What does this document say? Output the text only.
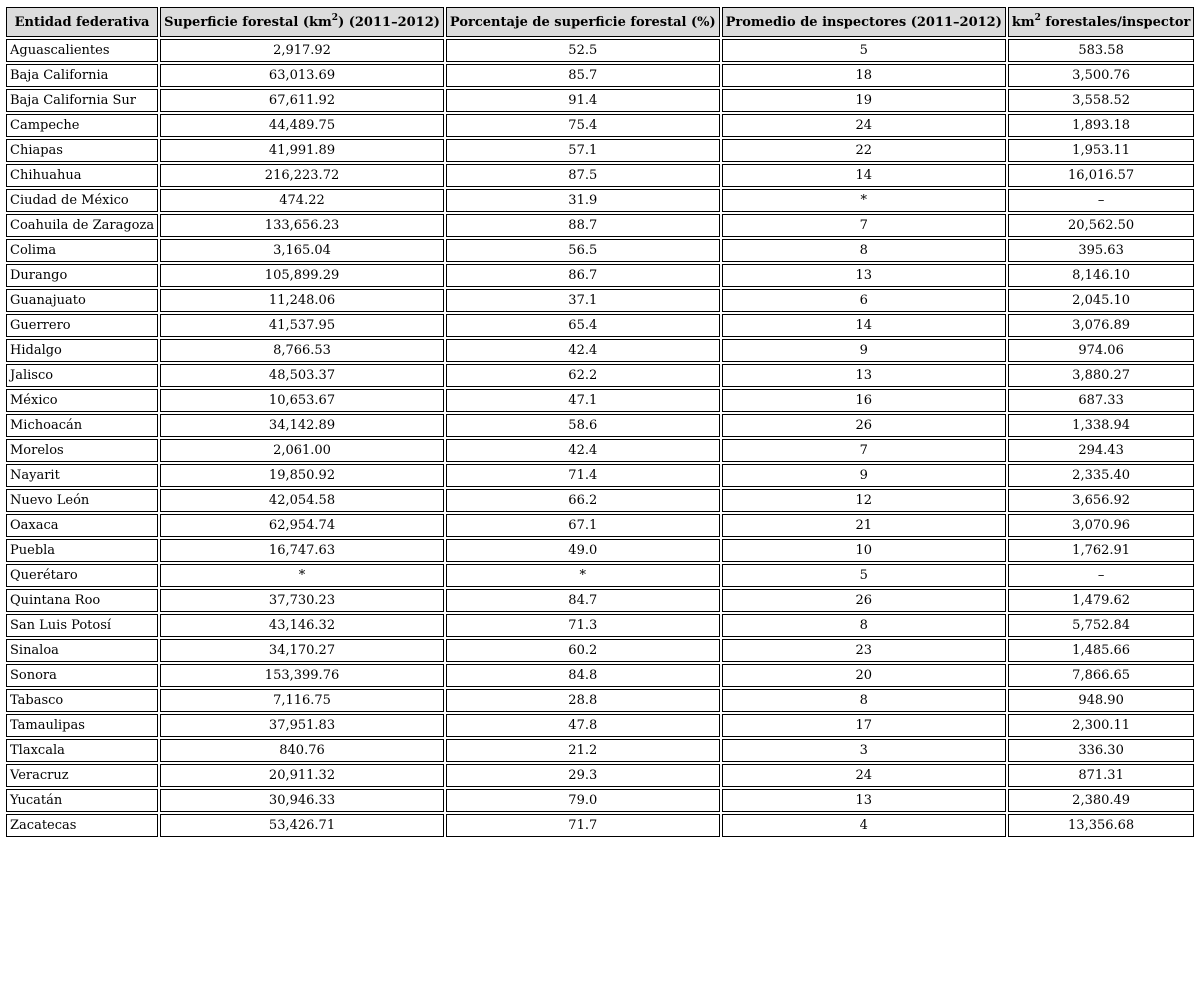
Entidad federativa	Superficie forestal $(km^2)$ (2011–2012)	Porcentaje de superficie forestal (%)	Promedio de inspectores (2011–2012)	$km^2$ forestales/inspector
Aguascalientes	2,917.92	52.5	5	583.58
Baja California	63,013.69	85.7	18	3,500.76
Baja California Sur	67,611.92	91.4	19	3,558.52
Campeche	44,489.75	75.4	24	1,893.18
Chiapas	41,991.89	57.1	22	1,953.11
Chihuahua	216,223.72	87.5	14	16,016.57
Ciudad de México	474.22	31.9	*	–
Coahuila de Zaragoza	133,656.23	88.7	7	20,562.50
Colima	3,165.04	56.5	8	395.63
Durango	105,899.29	86.7	13	8,146.10
Guanajuato	11,248.06	37.1	6	2,045.10
Guerrero	41,537.95	65.4	14	3,076.89
Hidalgo	8,766.53	42.4	9	974.06
Jalisco	48,503.37	62.2	13	3,880.27
México	10,653.67	47.1	16	687.33
Michoacán	34,142.89	58.6	26	1,338.94
Morelos	2,061.00	42.4	7	294.43
Nayarit	19,850.92	71.4	9	2,335.40
Nuevo León	42,054.58	66.2	12	3,656.92
Oaxaca	62,954.74	67.1	21	3,070.96
Puebla	16,747.63	49.0	10	1,762.91
Querétaro	*	*	5	–
Quintana Roo	37,730.23	84.7	26	1,479.62
San Luis Potosí	43,146.32	71.3	8	5,752.84
Sinaloa	34,170.27	60.2	23	1,485.66
Sonora	153,399.76	84.8	20	7,866.65
Tabasco	7,116.75	28.8	8	948.90
Tamaulipas	37,951.83	47.8	17	2,300.11
Tlaxcala	840.76	21.2	3	336.30
Veracruz	20,911.32	29.3	24	871.31
Yucatán	30,946.33	79.0	13	2,380.49
Zacatecas	53,426.71	71.7	4	13,356.68
